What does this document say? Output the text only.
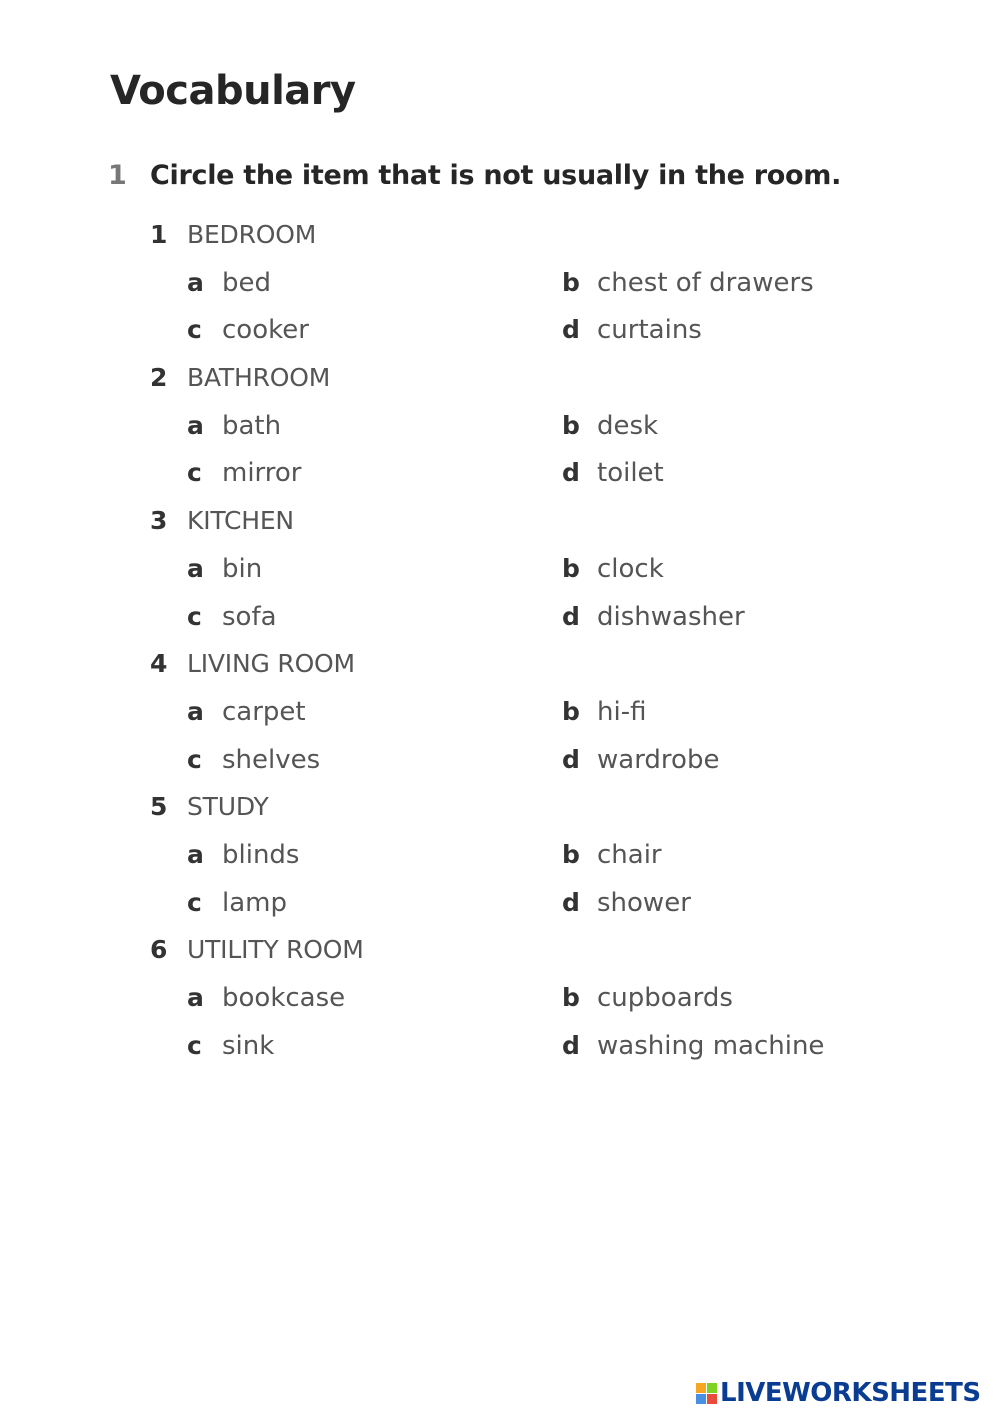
Vocabulary
1 Circle the item that is not usually in the room.
1 BEDROOM
a bed	b chest of drawers
c cooker	d curtains
2 BATHROOM
a bath	b desk
c mirror	d toilet
3 KITCHEN
a bin	b clock
c sofa	d dishwasher
4 LIVING ROOM
a carpet	b hi-fi
c shelves	d wardrobe
5 STUDY
a blinds	b chair
c lamp	d shower
6 UTILITY ROOM
a bookcase	b cupboards
c sink	d washing machine
LIVEWORKSHEETS
